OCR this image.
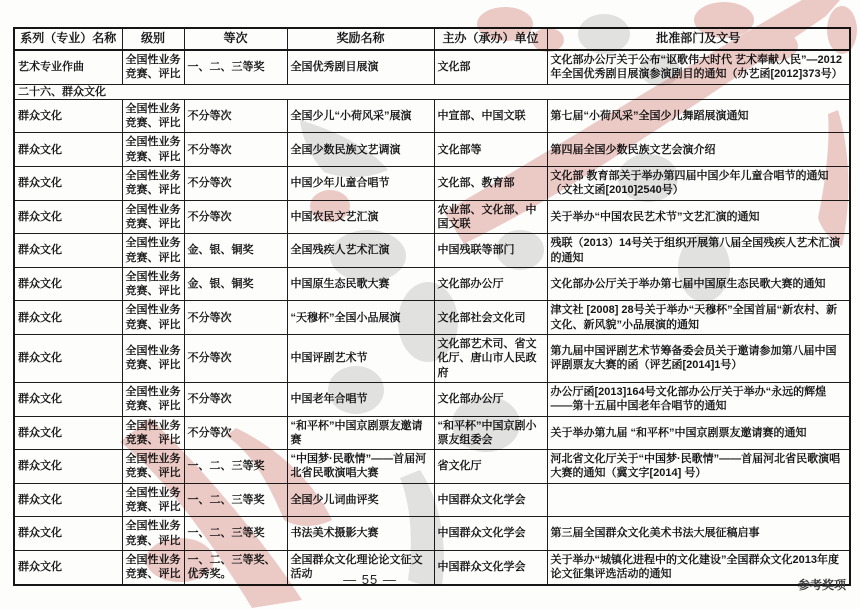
系列（专业）名称	级别	等次	奖励名称	主办（承办）单位	批准部门及文号
艺术专业作曲	全国性业务竞赛、评比	一、二、三等奖	全国优秀剧目展演	文化部	文化部办公厅关于公布“讴歌伟大时代 艺术奉献人民”—2012年全国优秀剧目展演参演剧目的通知（办艺函[2012]373号）
二十六、群众文化					
群众文化	全国性业务竞赛、评比	不分等次	全国少儿“小荷风采”展演	中宣部、中国文联	第七届“小荷风采”全国少儿舞蹈展演通知
群众文化	全国性业务竞赛、评比	不分等次	全国少数民族文艺调演	文化部等	第四届全国少数民族文艺会演介绍
群众文化	全国性业务竞赛、评比	不分等次	中国少年儿童合唱节	文化部、教育部	文化部 教育部关于举办第四届中国少年儿童合唱节的通知（文社文函[2010]2540号）
群众文化	全国性业务竞赛、评比	不分等次	中国农民文艺汇演	农业部、文化部、中国文联	关于举办“中国农民艺术节”文艺汇演的通知
群众文化	全国性业务竞赛、评比	金、银、铜奖	全国残疾人艺术汇演	中国残联等部门	残联（2013）14号关于组织开展第八届全国残疾人艺术汇演的通知
群众文化	全国性业务竞赛、评比	金、银、铜奖	中国原生态民歌大赛	文化部办公厅	文化部办公厅关于举办第七届中国原生态民歌大赛的通知
群众文化	全国性业务竞赛、评比	不分等次	“天穆杯”全国小品展演	文化部社会文化司	津文社 [2008] 28号关于举办“天穆杯”全国首届“新农村、新文化、新风貌”小品展演的通知
群众文化	全国性业务竞赛、评比	不分等次	中国评剧艺术节	文化部艺术司、省文化厅、唐山市人民政府	第九届中国评剧艺术节筹备委会员关于邀请参加第八届中国评剧票友大赛的函（评艺函[2014]1号）
群众文化	全国性业务竞赛、评比	不分等次	中国老年合唱节	文化部办公厅	办公厅函[2013]164号文化部办公厅关于举办“永远的辉煌——第十五届中国老年合唱节的通知
群众文化	全国性业务竞赛、评比	不分等次	“和平杯”中国京剧票友邀请赛	“和平杯”中国京剧小票友组委会	关于举办第九届 “和平杯”中国京剧票友邀请赛的通知
群众文化	全国性业务竞赛、评比	一、二、三等奖	“中国梦·民歌情”——首届河北省民歌演唱大赛	省文化厅	河北省文化厅关于“中国梦·民歌情”——首届河北省民歌演唱大赛的通知（冀文字[2014] 号）
群众文化	全国性业务竞赛、评比	一、二、三等奖	全国少儿词曲评奖	中国群众文化学会	
群众文化	全国性业务竞赛、评比	一、二、三等奖	书法美术摄影大赛	中国群众文化学会	第三届全国群众文化美术书法大展征稿启事
群众文化	全国性业务竞赛、评比	一、二、三等奖、优秀奖。	全国群众文化理论论文征文活动	中国群众文化学会	关于举办“城镇化进程中的文化建设”全国群众文化2013年度论文征集评选活动的通知
— 55 —	参考奖项
